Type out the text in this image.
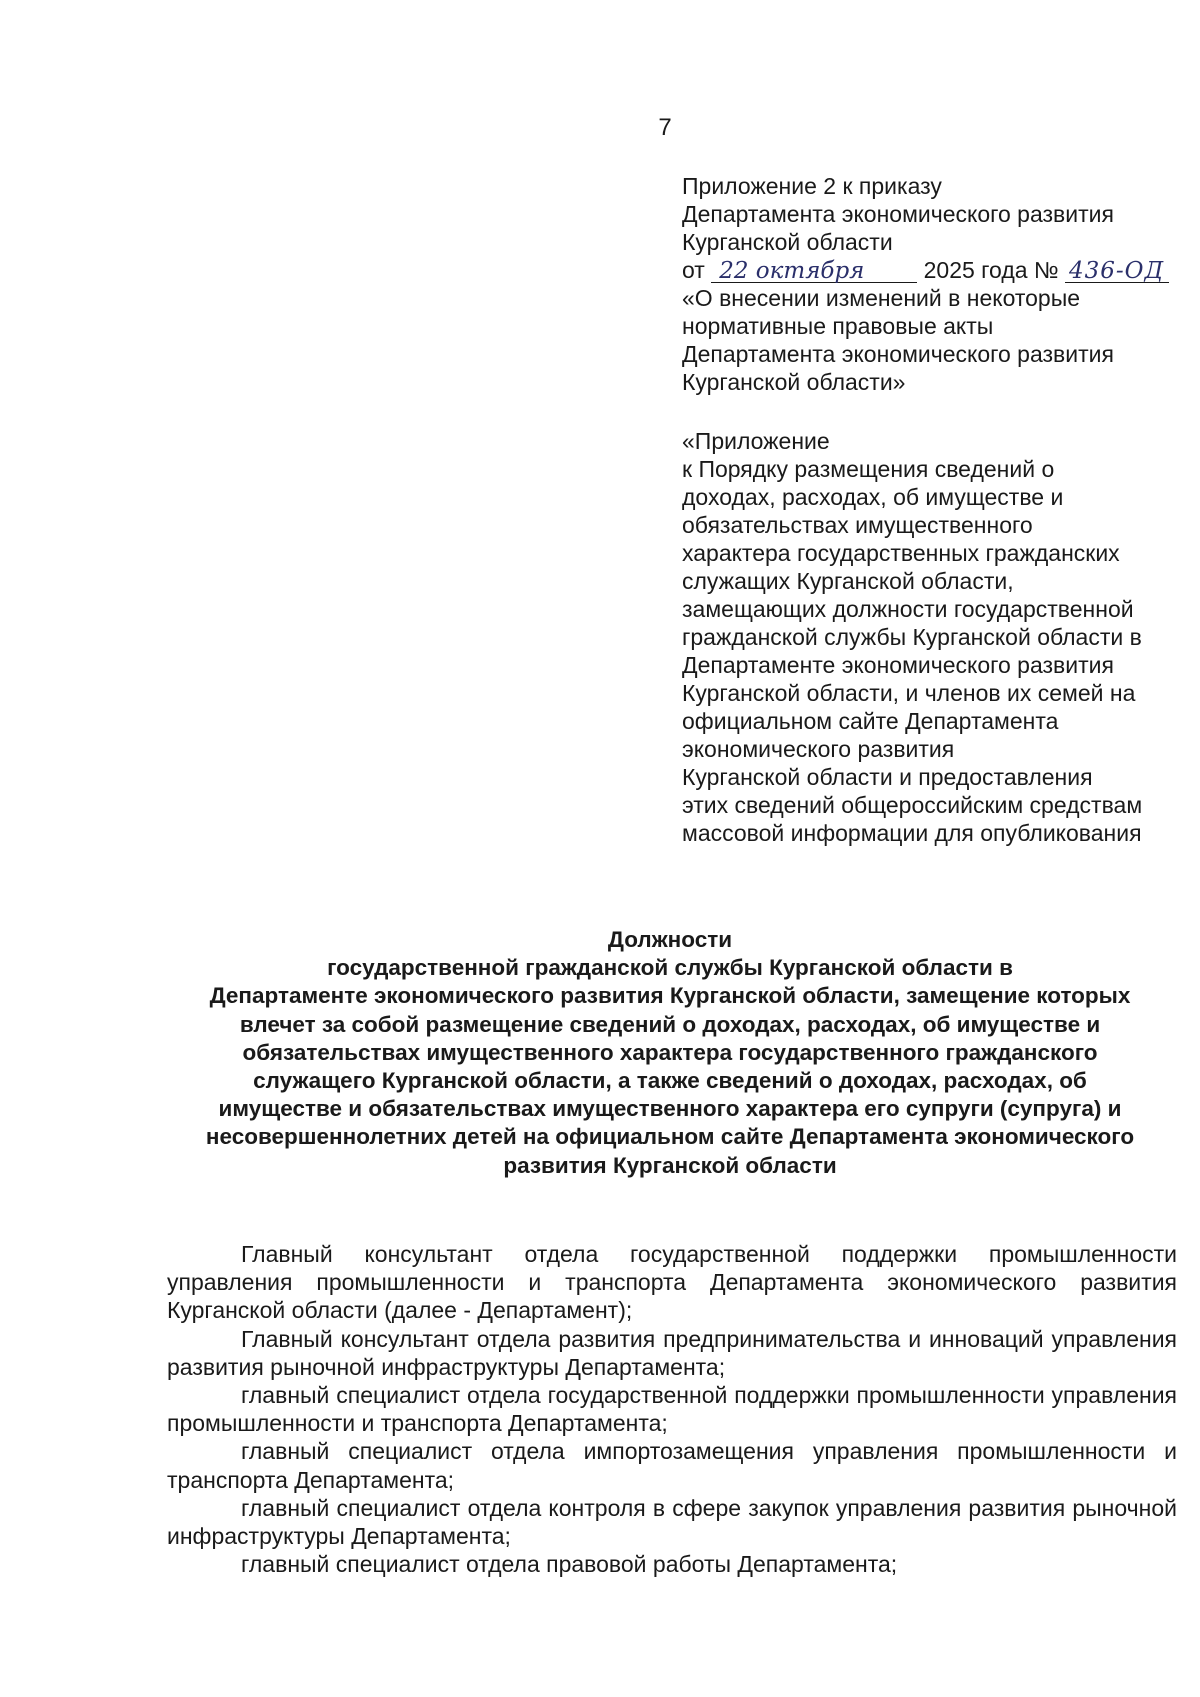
7
Приложение 2 к приказу
Департамента экономического развития
Курганской области
от 22 октября	2025 года № 436-ОД
«О внесении изменений в некоторые
нормативные правовые акты
Департамента экономического развития
Курганской области»
«Приложение
к Порядку размещения сведений о
доходах, расходах, об имуществе и
обязательствах имущественного
характера государственных гражданских
служащих Курганской области,
замещающих должности государственной
гражданской службы Курганской области в
Департаменте экономического развития
Курганской области, и членов их семей на
официальном сайте Департамента
экономического развития
Курганской области и предоставления
этих сведений общероссийским средствам
массовой информации для опубликования
Должности
государственной гражданской службы Курганской области в
Департаменте экономического развития Курганской области, замещение которых
влечет за собой размещение сведений о доходах, расходах, об имуществе и
обязательствах имущественного характера государственного гражданского
служащего Курганской области, а также сведений о доходах, расходах, об
имуществе и обязательствах имущественного характера его супруги (супруга) и
несовершеннолетних детей на официальном сайте Департамента экономического
развития Курганской области

Главный консультант отдела государственной поддержки промышленности управления промышленности и транспорта Департамента экономического развития Курганской области (далее - Департамент);

Главный консультант отдела развития предпринимательства и инноваций управления развития рыночной инфраструктуры Департамента;

главный специалист отдела государственной поддержки промышленности управления промышленности и транспорта Департамента;

главный специалист отдела импортозамещения управления промышленности и транспорта Департамента;

главный специалист отдела контроля в сфере закупок управления развития рыночной инфраструктуры Департамента;

главный специалист отдела правовой работы Департамента;
